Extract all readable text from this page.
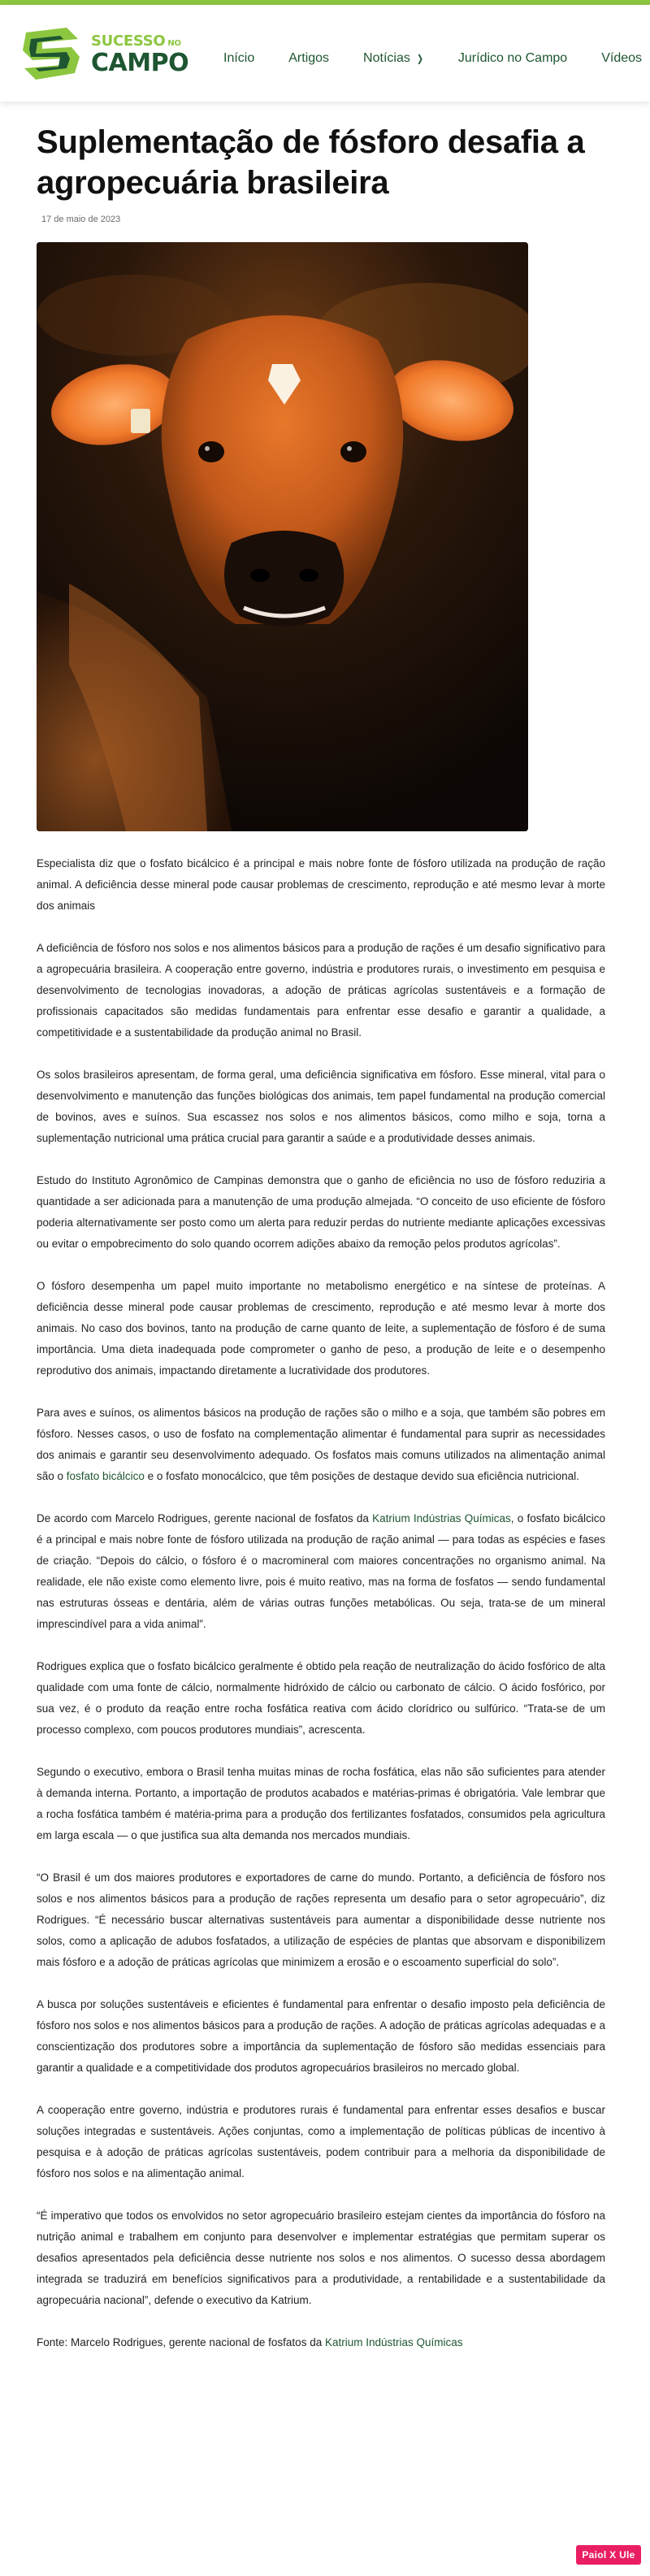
SUCESSO NO
CAMPO	Início	Artigos	Notícias ❯	Jurídico no Campo	Vídeos
Suplementação de fósforo desafia a agropecuária brasileira
17 de maio de 2023

Especialista diz que o fosfato bicálcico é a principal e mais nobre fonte de fósforo utilizada na produção de ração animal. A deficiência desse mineral pode causar problemas de crescimento, reprodução e até mesmo levar à morte dos animais

A deficiência de fósforo nos solos e nos alimentos básicos para a produção de rações é um desafio significativo para a agropecuária brasileira. A cooperação entre governo, indústria e produtores rurais, o investimento em pesquisa e desenvolvimento de tecnologias inovadoras, a adoção de práticas agrícolas sustentáveis e a formação de profissionais capacitados são medidas fundamentais para enfrentar esse desafio e garantir a qualidade, a competitividade e a sustentabilidade da produção animal no Brasil.

Os solos brasileiros apresentam, de forma geral, uma deficiência significativa em fósforo. Esse mineral, vital para o desenvolvimento e manutenção das funções biológicas dos animais, tem papel fundamental na produção comercial de bovinos, aves e suínos. Sua escassez nos solos e nos alimentos básicos, como milho e soja, torna a suplementação nutricional uma prática crucial para garantir a saúde e a produtividade desses animais.

Estudo do Instituto Agronômico de Campinas demonstra que o ganho de eficiência no uso de fósforo reduziria a quantidade a ser adicionada para a manutenção de uma produção almejada. “O conceito de uso eficiente de fósforo poderia alternativamente ser posto como um alerta para reduzir perdas do nutriente mediante aplicações excessivas ou evitar o empobrecimento do solo quando ocorrem adições abaixo da remoção pelos produtos agrícolas”.

O fósforo desempenha um papel muito importante no metabolismo energético e na síntese de proteínas. A deficiência desse mineral pode causar problemas de crescimento, reprodução e até mesmo levar à morte dos animais. No caso dos bovinos, tanto na produção de carne quanto de leite, a suplementação de fósforo é de suma importância. Uma dieta inadequada pode comprometer o ganho de peso, a produção de leite e o desempenho reprodutivo dos animais, impactando diretamente a lucratividade dos produtores.

Para aves e suínos, os alimentos básicos na produção de rações são o milho e a soja, que também são pobres em fósforo. Nesses casos, o uso de fosfato na complementação alimentar é fundamental para suprir as necessidades dos animais e garantir seu desenvolvimento adequado. Os fosfatos mais comuns utilizados na alimentação animal são o fosfato bicálcico e o fosfato monocálcico, que têm posições de destaque devido sua eficiência nutricional.

De acordo com Marcelo Rodrigues, gerente nacional de fosfatos da Katrium Indústrias Químicas, o fosfato bicálcico é a principal e mais nobre fonte de fósforo utilizada na produção de ração animal — para todas as espécies e fases de criação. “Depois do cálcio, o fósforo é o macromineral com maiores concentrações no organismo animal. Na realidade, ele não existe como elemento livre, pois é muito reativo, mas na forma de fosfatos — sendo fundamental nas estruturas ósseas e dentária, além de várias outras funções metabólicas. Ou seja, trata-se de um mineral imprescindível para a vida animal”.

Rodrigues explica que o fosfato bicálcico geralmente é obtido pela reação de neutralização do ácido fosfórico de alta qualidade com uma fonte de cálcio, normalmente hidróxido de cálcio ou carbonato de cálcio. O ácido fosfórico, por sua vez, é o produto da reação entre rocha fosfática reativa com ácido clorídrico ou sulfúrico. “Trata-se de um processo complexo, com poucos produtores mundiais”, acrescenta.

Segundo o executivo, embora o Brasil tenha muitas minas de rocha fosfática, elas não são suficientes para atender à demanda interna. Portanto, a importação de produtos acabados e matérias-primas é obrigatória. Vale lembrar que a rocha fosfática também é matéria-prima para a produção dos fertilizantes fosfatados, consumidos pela agricultura em larga escala — o que justifica sua alta demanda nos mercados mundiais.

“O Brasil é um dos maiores produtores e exportadores de carne do mundo. Portanto, a deficiência de fósforo nos solos e nos alimentos básicos para a produção de rações representa um desafio para o setor agropecuário”, diz Rodrigues. “É necessário buscar alternativas sustentáveis para aumentar a disponibilidade desse nutriente nos solos, como a aplicação de adubos fosfatados, a utilização de espécies de plantas que absorvam e disponibilizem mais fósforo e a adoção de práticas agrícolas que minimizem a erosão e o escoamento superficial do solo”.

A busca por soluções sustentáveis e eficientes é fundamental para enfrentar o desafio imposto pela deficiência de fósforo nos solos e nos alimentos básicos para a produção de rações. A adoção de práticas agrícolas adequadas e a conscientização dos produtores sobre a importância da suplementação de fósforo são medidas essenciais para garantir a qualidade e a competitividade dos produtos agropecuários brasileiros no mercado global.

A cooperação entre governo, indústria e produtores rurais é fundamental para enfrentar esses desafios e buscar soluções integradas e sustentáveis. Ações conjuntas, como a implementação de políticas públicas de incentivo à pesquisa e à adoção de práticas agrícolas sustentáveis, podem contribuir para a melhoria da disponibilidade de fósforo nos solos e na alimentação animal.

“É imperativo que todos os envolvidos no setor agropecuário brasileiro estejam cientes da importância do fósforo na nutrição animal e trabalhem em conjunto para desenvolver e implementar estratégias que permitam superar os desafios apresentados pela deficiência desse nutriente nos solos e nos alimentos. O sucesso dessa abordagem integrada se traduzirá em benefícios significativos para a produtividade, a rentabilidade e a sustentabilidade da agropecuária nacional”, defende o executivo da Katrium.

Fonte: Marcelo Rodrigues, gerente nacional de fosfatos da Katrium Indústrias Químicas

Paiol X Ule
